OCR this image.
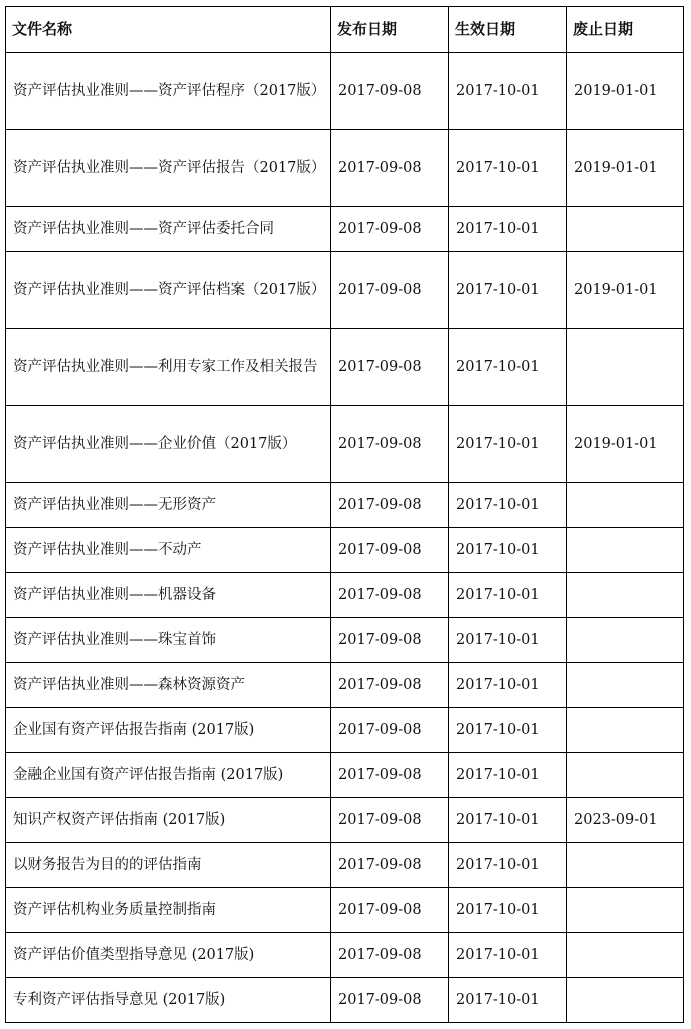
文件名称	发布日期	生效日期	废止日期
资产评估执业准则——资产评估程序（2017版）	2017-09-08	2017-10-01	2019-01-01
资产评估执业准则——资产评估报告（2017版）	2017-09-08	2017-10-01	2019-01-01
资产评估执业准则——资产评估委托合同	2017-09-08	2017-10-01	
资产评估执业准则——资产评估档案（2017版）	2017-09-08	2017-10-01	2019-01-01
资产评估执业准则——利用专家工作及相关报告	2017-09-08	2017-10-01	
资产评估执业准则——企业价值（2017版）	2017-09-08	2017-10-01	2019-01-01
资产评估执业准则——无形资产	2017-09-08	2017-10-01	
资产评估执业准则——不动产	2017-09-08	2017-10-01	
资产评估执业准则——机器设备	2017-09-08	2017-10-01	
资产评估执业准则——珠宝首饰	2017-09-08	2017-10-01	
资产评估执业准则——森林资源资产	2017-09-08	2017-10-01	
企业国有资产评估报告指南 (2017版)	2017-09-08	2017-10-01	
金融企业国有资产评估报告指南 (2017版)	2017-09-08	2017-10-01	
知识产权资产评估指南 (2017版)	2017-09-08	2017-10-01	2023-09-01
以财务报告为目的的评估指南	2017-09-08	2017-10-01	
资产评估机构业务质量控制指南	2017-09-08	2017-10-01	
资产评估价值类型指导意见 (2017版)	2017-09-08	2017-10-01	
专利资产评估指导意见 (2017版)	2017-09-08	2017-10-01	
